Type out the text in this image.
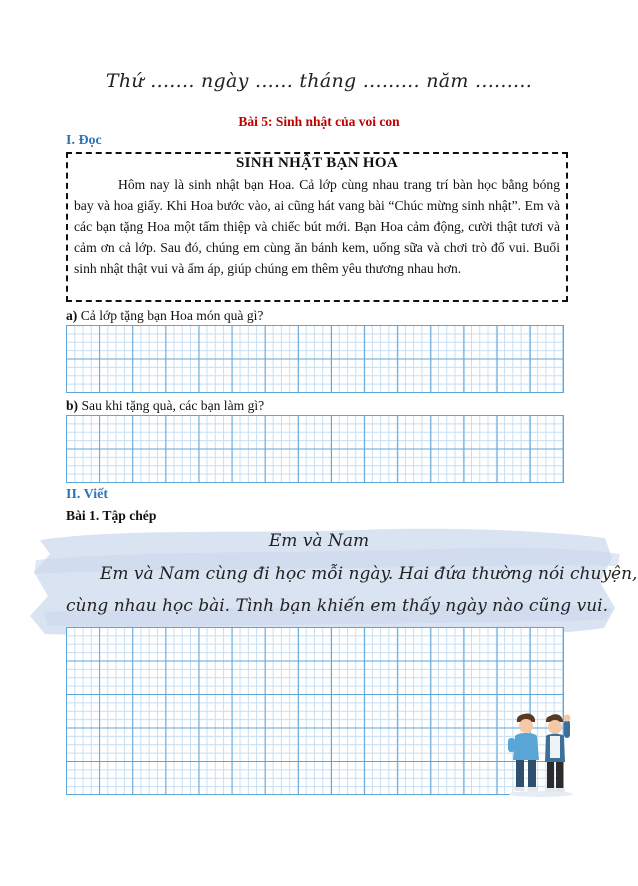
Thứ ....... ngày ...... tháng ......... năm .........
Bài 5: Sinh nhật của voi con
I. Đọc
SINH NHẬT BẠN HOA

Hôm nay là sinh nhật bạn Hoa. Cả lớp cùng nhau trang trí bàn học bằng bóng bay và hoa giấy. Khi Hoa bước vào, ai cũng hát vang bài “Chúc mừng sinh nhật”. Em và các bạn tặng Hoa một tấm thiệp và chiếc bút mới. Bạn Hoa cảm động, cười thật tươi và cảm ơn cả lớp. Sau đó, chúng em cùng ăn bánh kem, uống sữa và chơi trò đố vui. Buổi sinh nhật thật vui và ấm áp, giúp chúng em thêm yêu thương nhau hơn.

a) Cả lớp tặng bạn Hoa món quà gì?
b) Sau khi tặng quà, các bạn làm gì?
II. Viết
Bài 1. Tập chép
Em và Nam
Em và Nam cùng đi học mỗi ngày. Hai đứa thường nói chuyện,
cùng nhau học bài. Tình bạn khiến em thấy ngày nào cũng vui.
